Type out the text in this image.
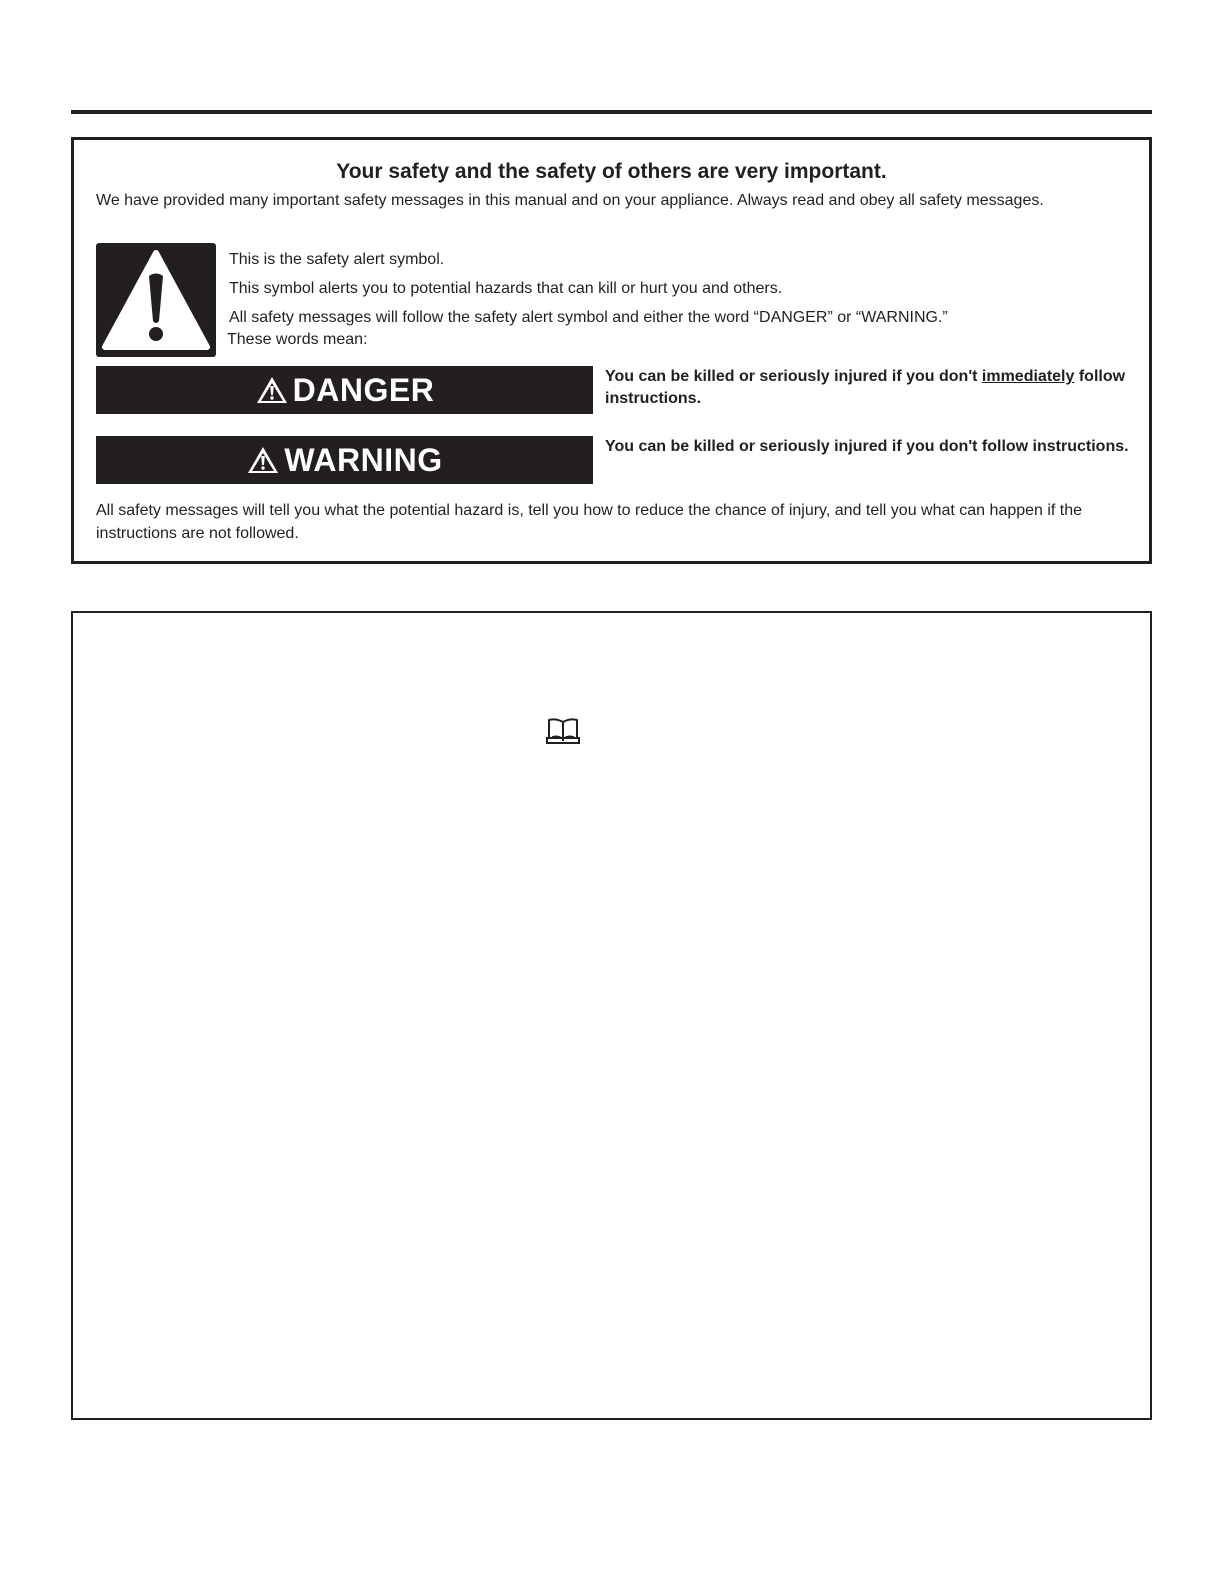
Your safety and the safety of others are very important.
We have provided many important safety messages in this manual and on your appliance. Always read and obey all safety messages.
This is the safety alert symbol.
This symbol alerts you to potential hazards that can kill or hurt you and others.
All safety messages will follow the safety alert symbol and either the word “DANGER” or “WARNING.”
These words mean:
DANGER	You can be killed or seriously injured if you don't immediately follow instructions.
WARNING	You can be killed or seriously injured if you don't follow instructions.
All safety messages will tell you what the potential hazard is, tell you how to reduce the chance of injury, and tell you what can happen if the instructions are not followed.
